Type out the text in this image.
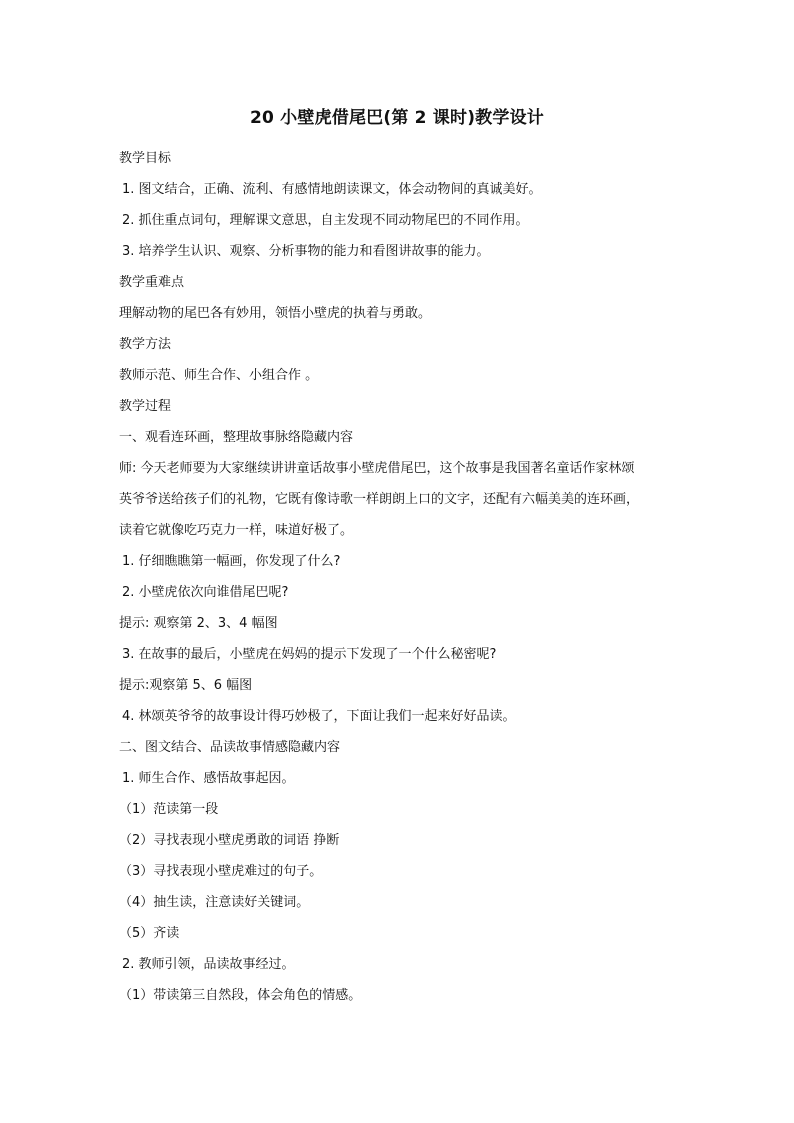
20 小壁虎借尾巴(第 2 课时)教学设计
教学目标
1. 图文结合，正确、流利、有感情地朗读课文，体会动物间的真诚美好。
2. 抓住重点词句，理解课文意思，自主发现不同动物尾巴的不同作用。
3. 培养学生认识、观察、分析事物的能力和看图讲故事的能力。
教学重难点
理解动物的尾巴各有妙用，领悟小壁虎的执着与勇敢。
教学方法
教师示范、师生合作、小组合作 。
教学过程
一、观看连环画，整理故事脉络隐藏内容
师: 今天老师要为大家继续讲讲童话故事小壁虎借尾巴，这个故事是我国著名童话作家林颂
英爷爷送给孩子们的礼物，它既有像诗歌一样朗朗上口的文字，还配有六幅美美的连环画，
读着它就像吃巧克力一样，味道好极了。
1. 仔细瞧瞧第一幅画，你发现了什么?
2. 小壁虎依次向谁借尾巴呢?
提示: 观察第 2、3、4 幅图
3. 在故事的最后，小壁虎在妈妈的提示下发现了一个什么秘密呢?
提示:观察第 5、6 幅图
4. 林颂英爷爷的故事设计得巧妙极了，下面让我们一起来好好品读。
二、图文结合、品读故事情感隐藏内容
1. 师生合作、感悟故事起因。
（1）范读第一段
（2）寻找表现小壁虎勇敢的词语 挣断
（3）寻找表现小壁虎难过的句子。
（4）抽生读，注意读好关键词。
（5）齐读
2. 教师引领，品读故事经过。
（1）带读第三自然段，体会角色的情感。
